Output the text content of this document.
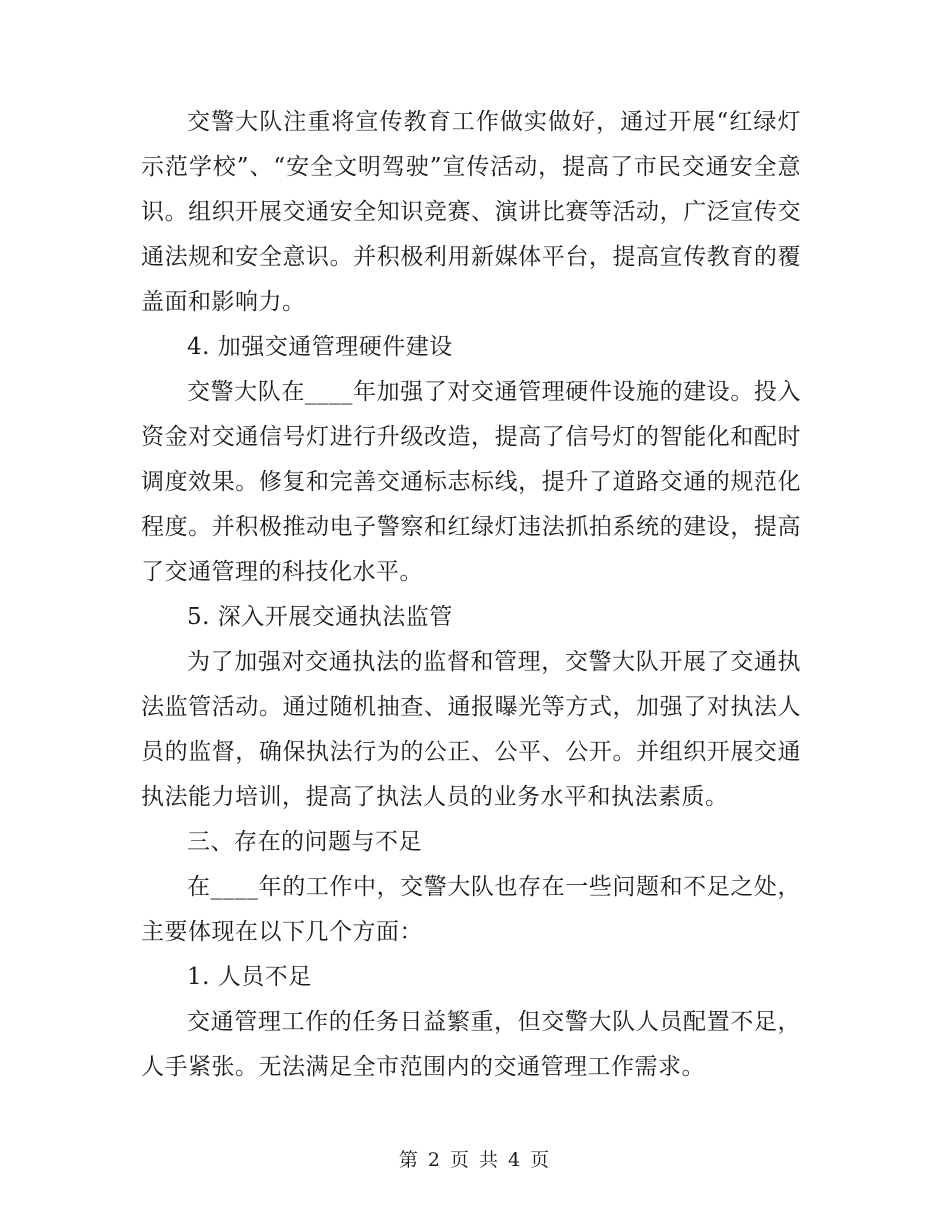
交警大队注重将宣传教育工作做实做好，通过开展“红绿灯示范学校”、“安全文明驾驶”宣传活动，提高了市民交通安全意识。组织开展交通安全知识竞赛、演讲比赛等活动，广泛宣传交通法规和安全意识。并积极利用新媒体平台，提高宣传教育的覆盖面和影响力。

4. 加强交通管理硬件建设

交警大队在____年加强了对交通管理硬件设施的建设。投入资金对交通信号灯进行升级改造，提高了信号灯的智能化和配时调度效果。修复和完善交通标志标线，提升了道路交通的规范化程度。并积极推动电子警察和红绿灯违法抓拍系统的建设，提高了交通管理的科技化水平。

5. 深入开展交通执法监管

为了加强对交通执法的监督和管理，交警大队开展了交通执法监管活动。通过随机抽查、通报曝光等方式，加强了对执法人员的监督，确保执法行为的公正、公平、公开。并组织开展交通执法能力培训，提高了执法人员的业务水平和执法素质。

三、存在的问题与不足

在____年的工作中，交警大队也存在一些问题和不足之处，主要体现在以下几个方面：

1. 人员不足

交通管理工作的任务日益繁重，但交警大队人员配置不足，人手紧张。无法满足全市范围内的交通管理工作需求。

第 2 页 共 4 页
